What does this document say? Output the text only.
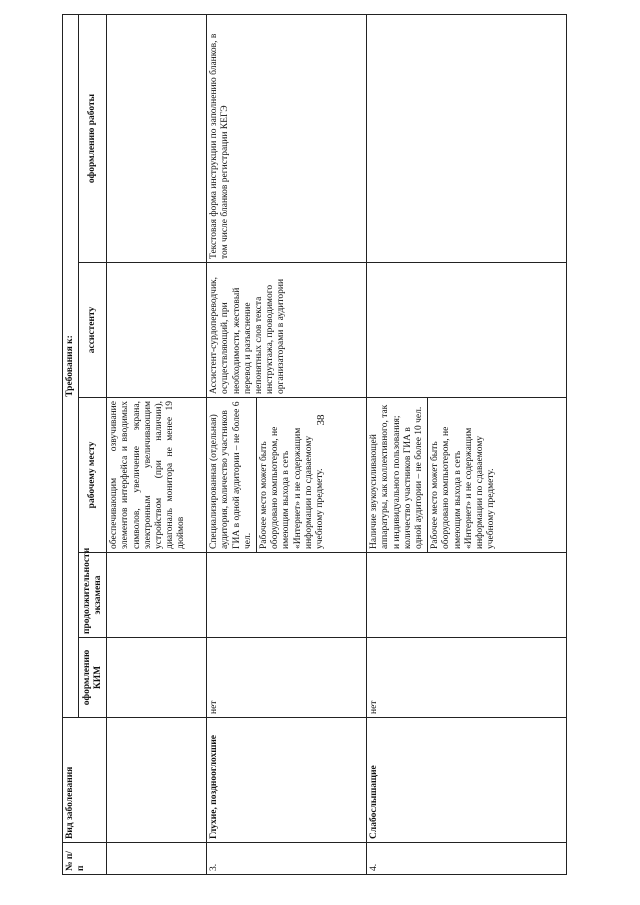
38
№ п/п	Вид заболевания	Требования к:				
		оформлению КИМ	продолжительности экзамена	рабочему месту	ассистенту	оформлению работы
				обеспечивающим озвучивание элементов интерфейса и вводимых символов, увеличение экрана, электронным увеличивающим устройством (при наличии), диагональ монитора не менее 19 дюймов		
3.	Глухие, позднооглохшие	нет		Специализированная (отдельная) аудитория, количество участников ГИА в одной аудитории – не более 6 чел. Рабочее место может быть оборудовано компьютером, не имеющим выхода в сеть «Интернет» и не содержащим информации по сдаваемому учебному предмету.	Ассистент-сурдопереводчик, осуществляющий, при необходимости, жестовый перевод и разъяснение непонятных слов текста инструктажа, проводимого организаторами в аудитории	Текстовая форма инструкции по заполнению бланков, в том числе бланков регистрации КЕГЭ
4.	Слабослышащие	нет		Наличие звукоусиливающей аппаратуры, как коллективного, так и индивидуального пользования; количество участников ГИА в одной аудитории – не более 10 чел. Рабочее место может быть оборудовано компьютером, не имеющим выхода в сеть «Интернет» и не содержащим информации по сдаваемому учебному предмету.		
